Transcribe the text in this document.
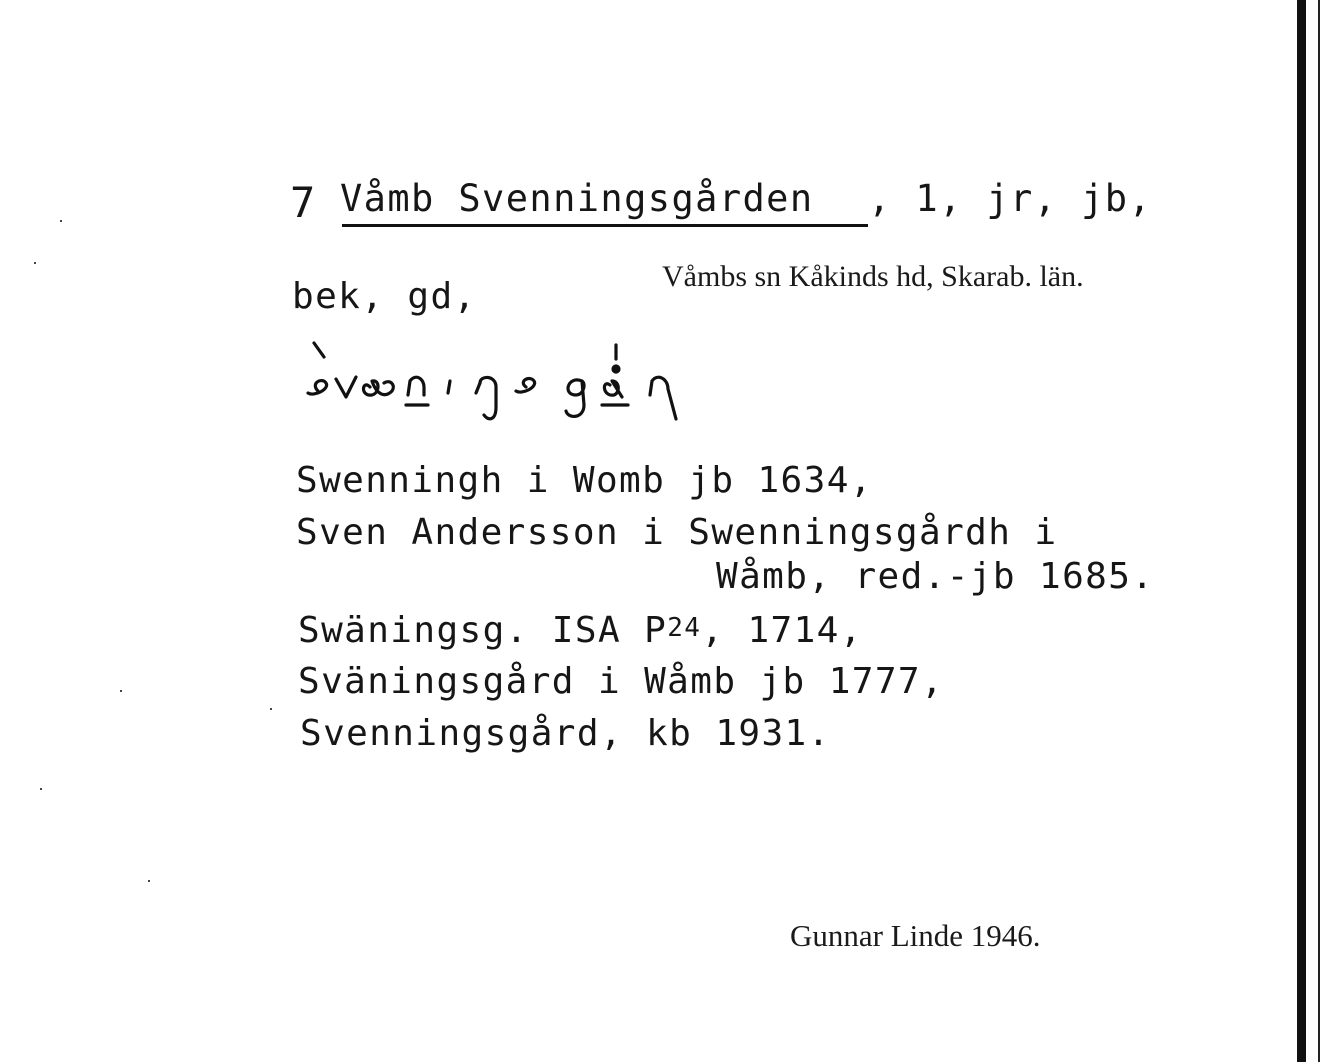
7 Våmb Svenningsgården , 1, jr, jb,
bek, gd,	Våmbs sn Kåkinds hd, Skarab. län.
Swenningh i Womb jb 1634,
Sven Andersson i Swenningsgårdh i
Wåmb, red.-jb 1685.
Swäningsg. ISA $P^{24}$, 1714,
Sväningsgård i Wåmb jb 1777,
Svenningsgård, kb 1931.
Gunnar Linde 1946.
